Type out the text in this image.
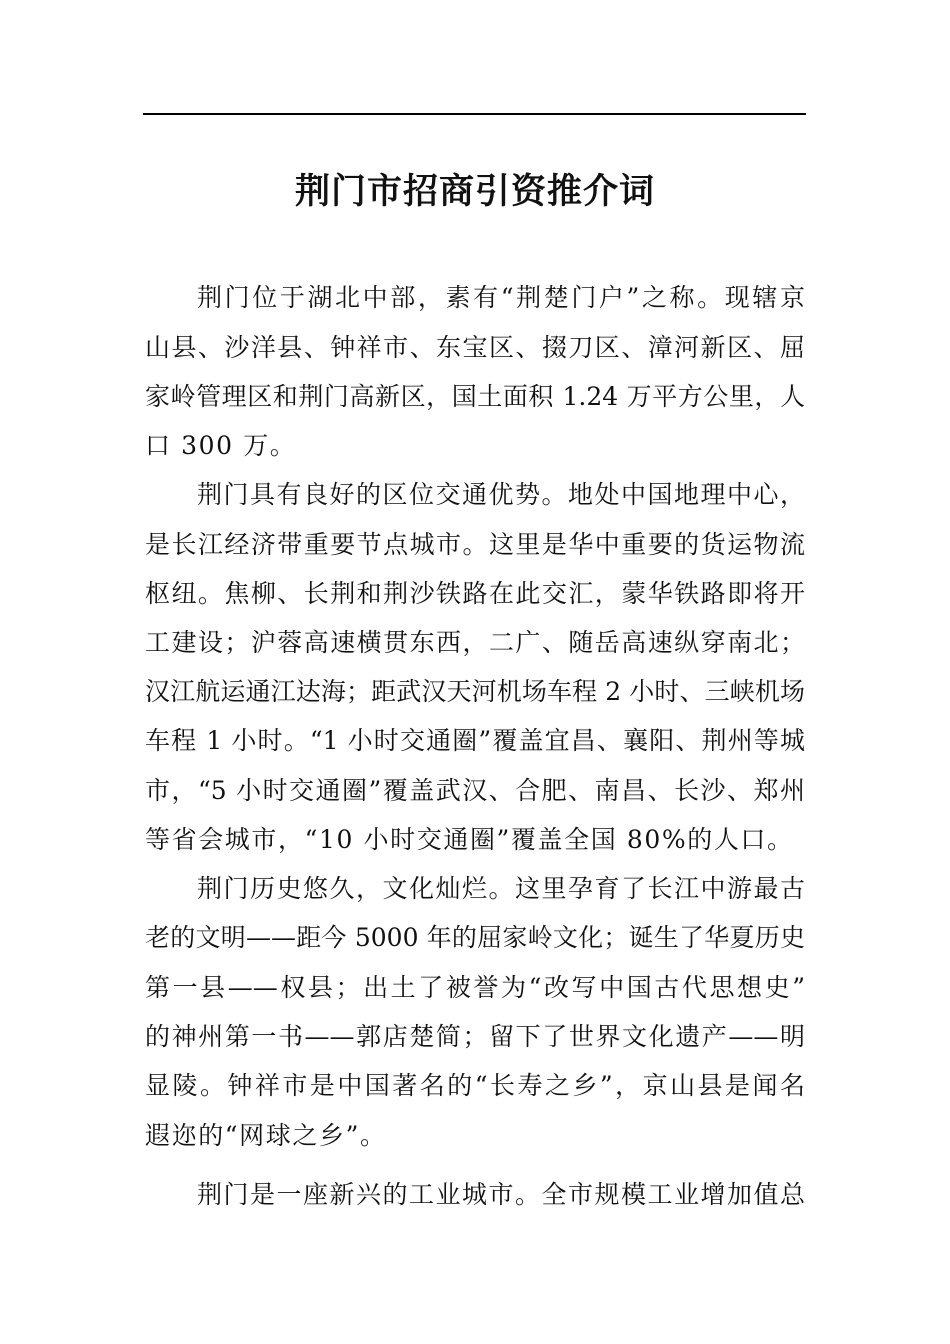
荆门市招商引资推介词
荆门位于湖北中部，素有“荆楚门户”之称。现辖京
山县、沙洋县、钟祥市、东宝区、掇刀区、漳河新区、屈
家岭管理区和荆门高新区，国土面积 1.24 万平方公里，人
口 300 万。
荆门具有良好的区位交通优势。地处中国地理中心，
是长江经济带重要节点城市。这里是华中重要的货运物流
枢纽。焦柳、长荆和荆沙铁路在此交汇，蒙华铁路即将开
工建设；沪蓉高速横贯东西，二广、随岳高速纵穿南北；
汉江航运通江达海；距武汉天河机场车程 2 小时、三峡机场
车程 1 小时。“1 小时交通圈”覆盖宜昌、襄阳、荆州等城
市，“5 小时交通圈”覆盖武汉、合肥、南昌、长沙、郑州
等省会城市，“10 小时交通圈”覆盖全国 80%的人口。
荆门历史悠久，文化灿烂。这里孕育了长江中游最古
老的文明——距今 5000 年的屈家岭文化；诞生了华夏历史
第一县——权县；出土了被誉为“改写中国古代思想史”
的神州第一书——郭店楚简；留下了世界文化遗产——明
显陵。钟祥市是中国著名的“长寿之乡”，京山县是闻名
遐迩的“网球之乡”。
荆门是一座新兴的工业城市。全市规模工业增加值总
